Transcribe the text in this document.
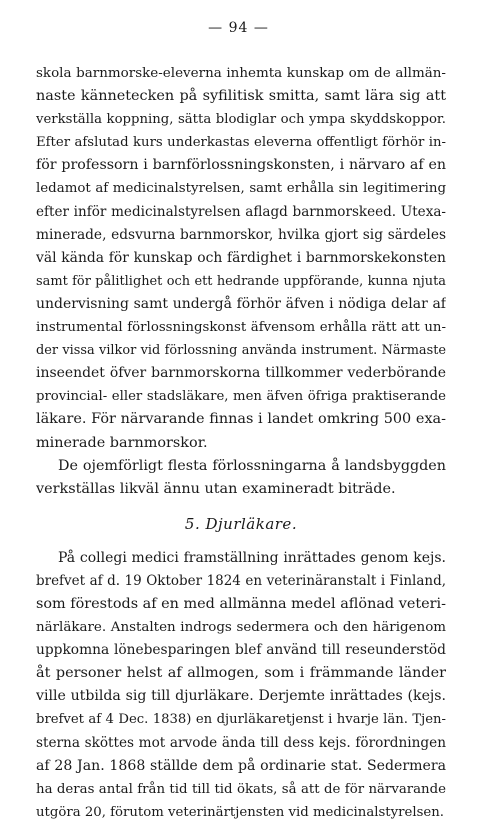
— 94 —
skola barnmorske-eleverna inhemta kunskap om de allmän-
naste kännetecken på syfilitisk smitta, samt lära sig att
verkställa koppning, sätta blodiglar och ympa skyddskoppor.
Efter afslutad kurs underkastas eleverna offentligt förhör in-
för professorn i barnförlossningskonsten, i närvaro af en
ledamot af medicinalstyrelsen, samt erhålla sin legitimering
efter inför medicinalstyrelsen aflagd barnmorskeed. Utexa-
minerade, edsvurna barnmorskor, hvilka gjort sig särdeles
väl kända för kunskap och färdighet i barnmorskekonsten
samt för pålitlighet och ett hedrande uppförande, kunna njuta
undervisning samt undergå förhör äfven i nödiga delar af
instrumental förlossningskonst äfvensom erhålla rätt att un-
der vissa vilkor vid förlossning använda instrument. Närmaste
inseendet öfver barnmorskorna tillkommer vederbörande
provincial- eller stadsläkare, men äfven öfriga praktiserande
läkare. För närvarande finnas i landet omkring 500 exa-
minerade barnmorskor.
De ojemförligt flesta förlossningarna å landsbyggden
verkställas likväl ännu utan examineradt biträde.
5. Djurläkare.
På collegi medici framställning inrättades genom kejs.
brefvet af d. 19 Oktober 1824 en veterinäranstalt i Finland,
som förestods af en med allmänna medel aflönad veteri-
närläkare. Anstalten indrogs sedermera och den härigenom
uppkomna lönebesparingen blef använd till reseunderstöd
åt personer helst af allmogen, som i främmande länder
ville utbilda sig till djurläkare. Derjemte inrättades (kejs.
brefvet af 4 Dec. 1838) en djurläkaretjenst i hvarje län. Tjen-
sterna sköttes mot arvode ända till dess kejs. förordningen
af 28 Jan. 1868 ställde dem på ordinarie stat. Sedermera
ha deras antal från tid till tid ökats, så att de för närvarande
utgöra 20, förutom veterinärtjensten vid medicinalstyrelsen.
